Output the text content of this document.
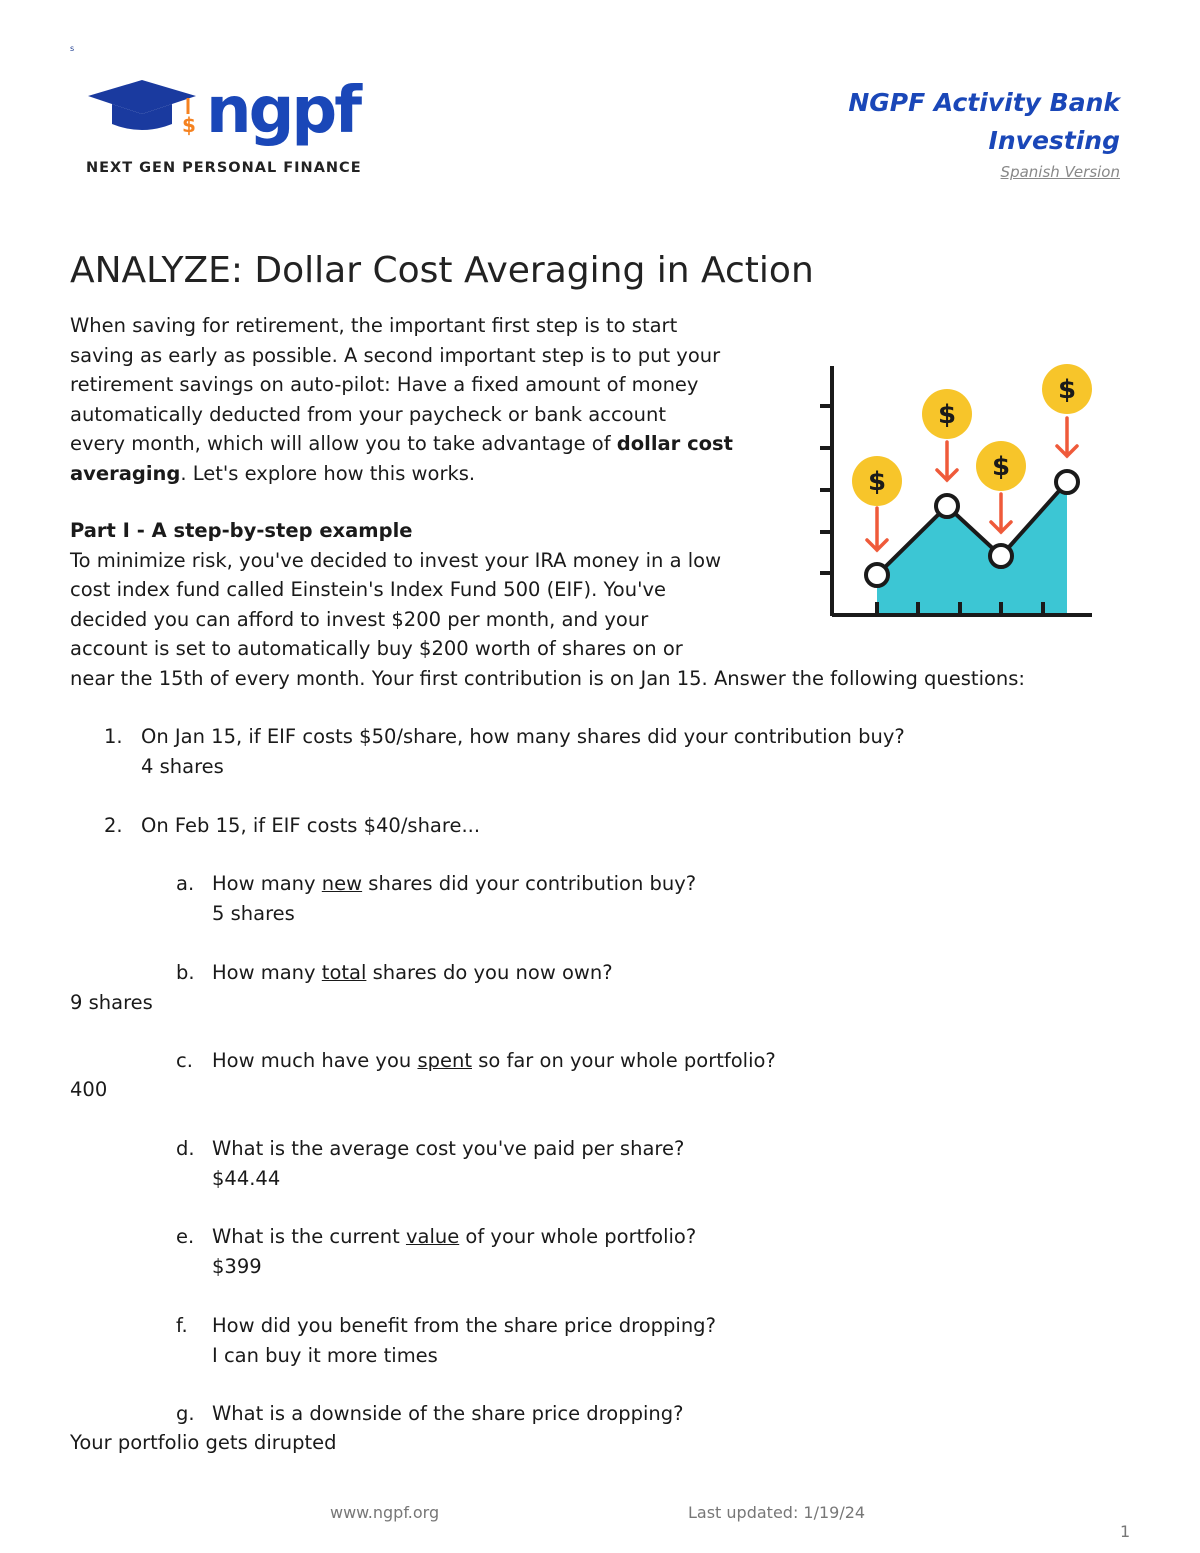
s
$ ngpf
NEXT GEN PERSONAL FINANCE
NGPF Activity Bank
Investing
Spanish Version
ANALYZE: Dollar Cost Averaging in Action
When saving for retirement, the important first step is to start
saving as early as possible. A second important step is to put your
retirement savings on auto-pilot: Have a fixed amount of money
automatically deducted from your paycheck or bank account
every month, which will allow you to take advantage of dollar cost
averaging. Let's explore how this works.	$
$
$
$
Part I - A step-by-step example
To minimize risk, you've decided to invest your IRA money in a low
cost index fund called Einstein's Index Fund 500 (EIF). You've
decided you can afford to invest $200 per month, and your
account is set to automatically buy $200 worth of shares on or
near the 15th of every month. Your first contribution is on Jan 15. Answer the following questions:
1. On Jan 15, if EIF costs $50/share, how many shares did your contribution buy?
4 shares
2. On Feb 15, if EIF costs $40/share...
a. How many new shares did your contribution buy?
5 shares
b. How many total shares do you now own?
9 shares
c. How much have you spent so far on your whole portfolio?
400
d. What is the average cost you've paid per share?
$44.44
e. What is the current value of your whole portfolio?
$399
f. How did you benefit from the share price dropping?
I can buy it more times
g. What is a downside of the share price dropping?
Your portfolio gets dirupted
www.ngpf.org	Last updated: 1/19/24
1
